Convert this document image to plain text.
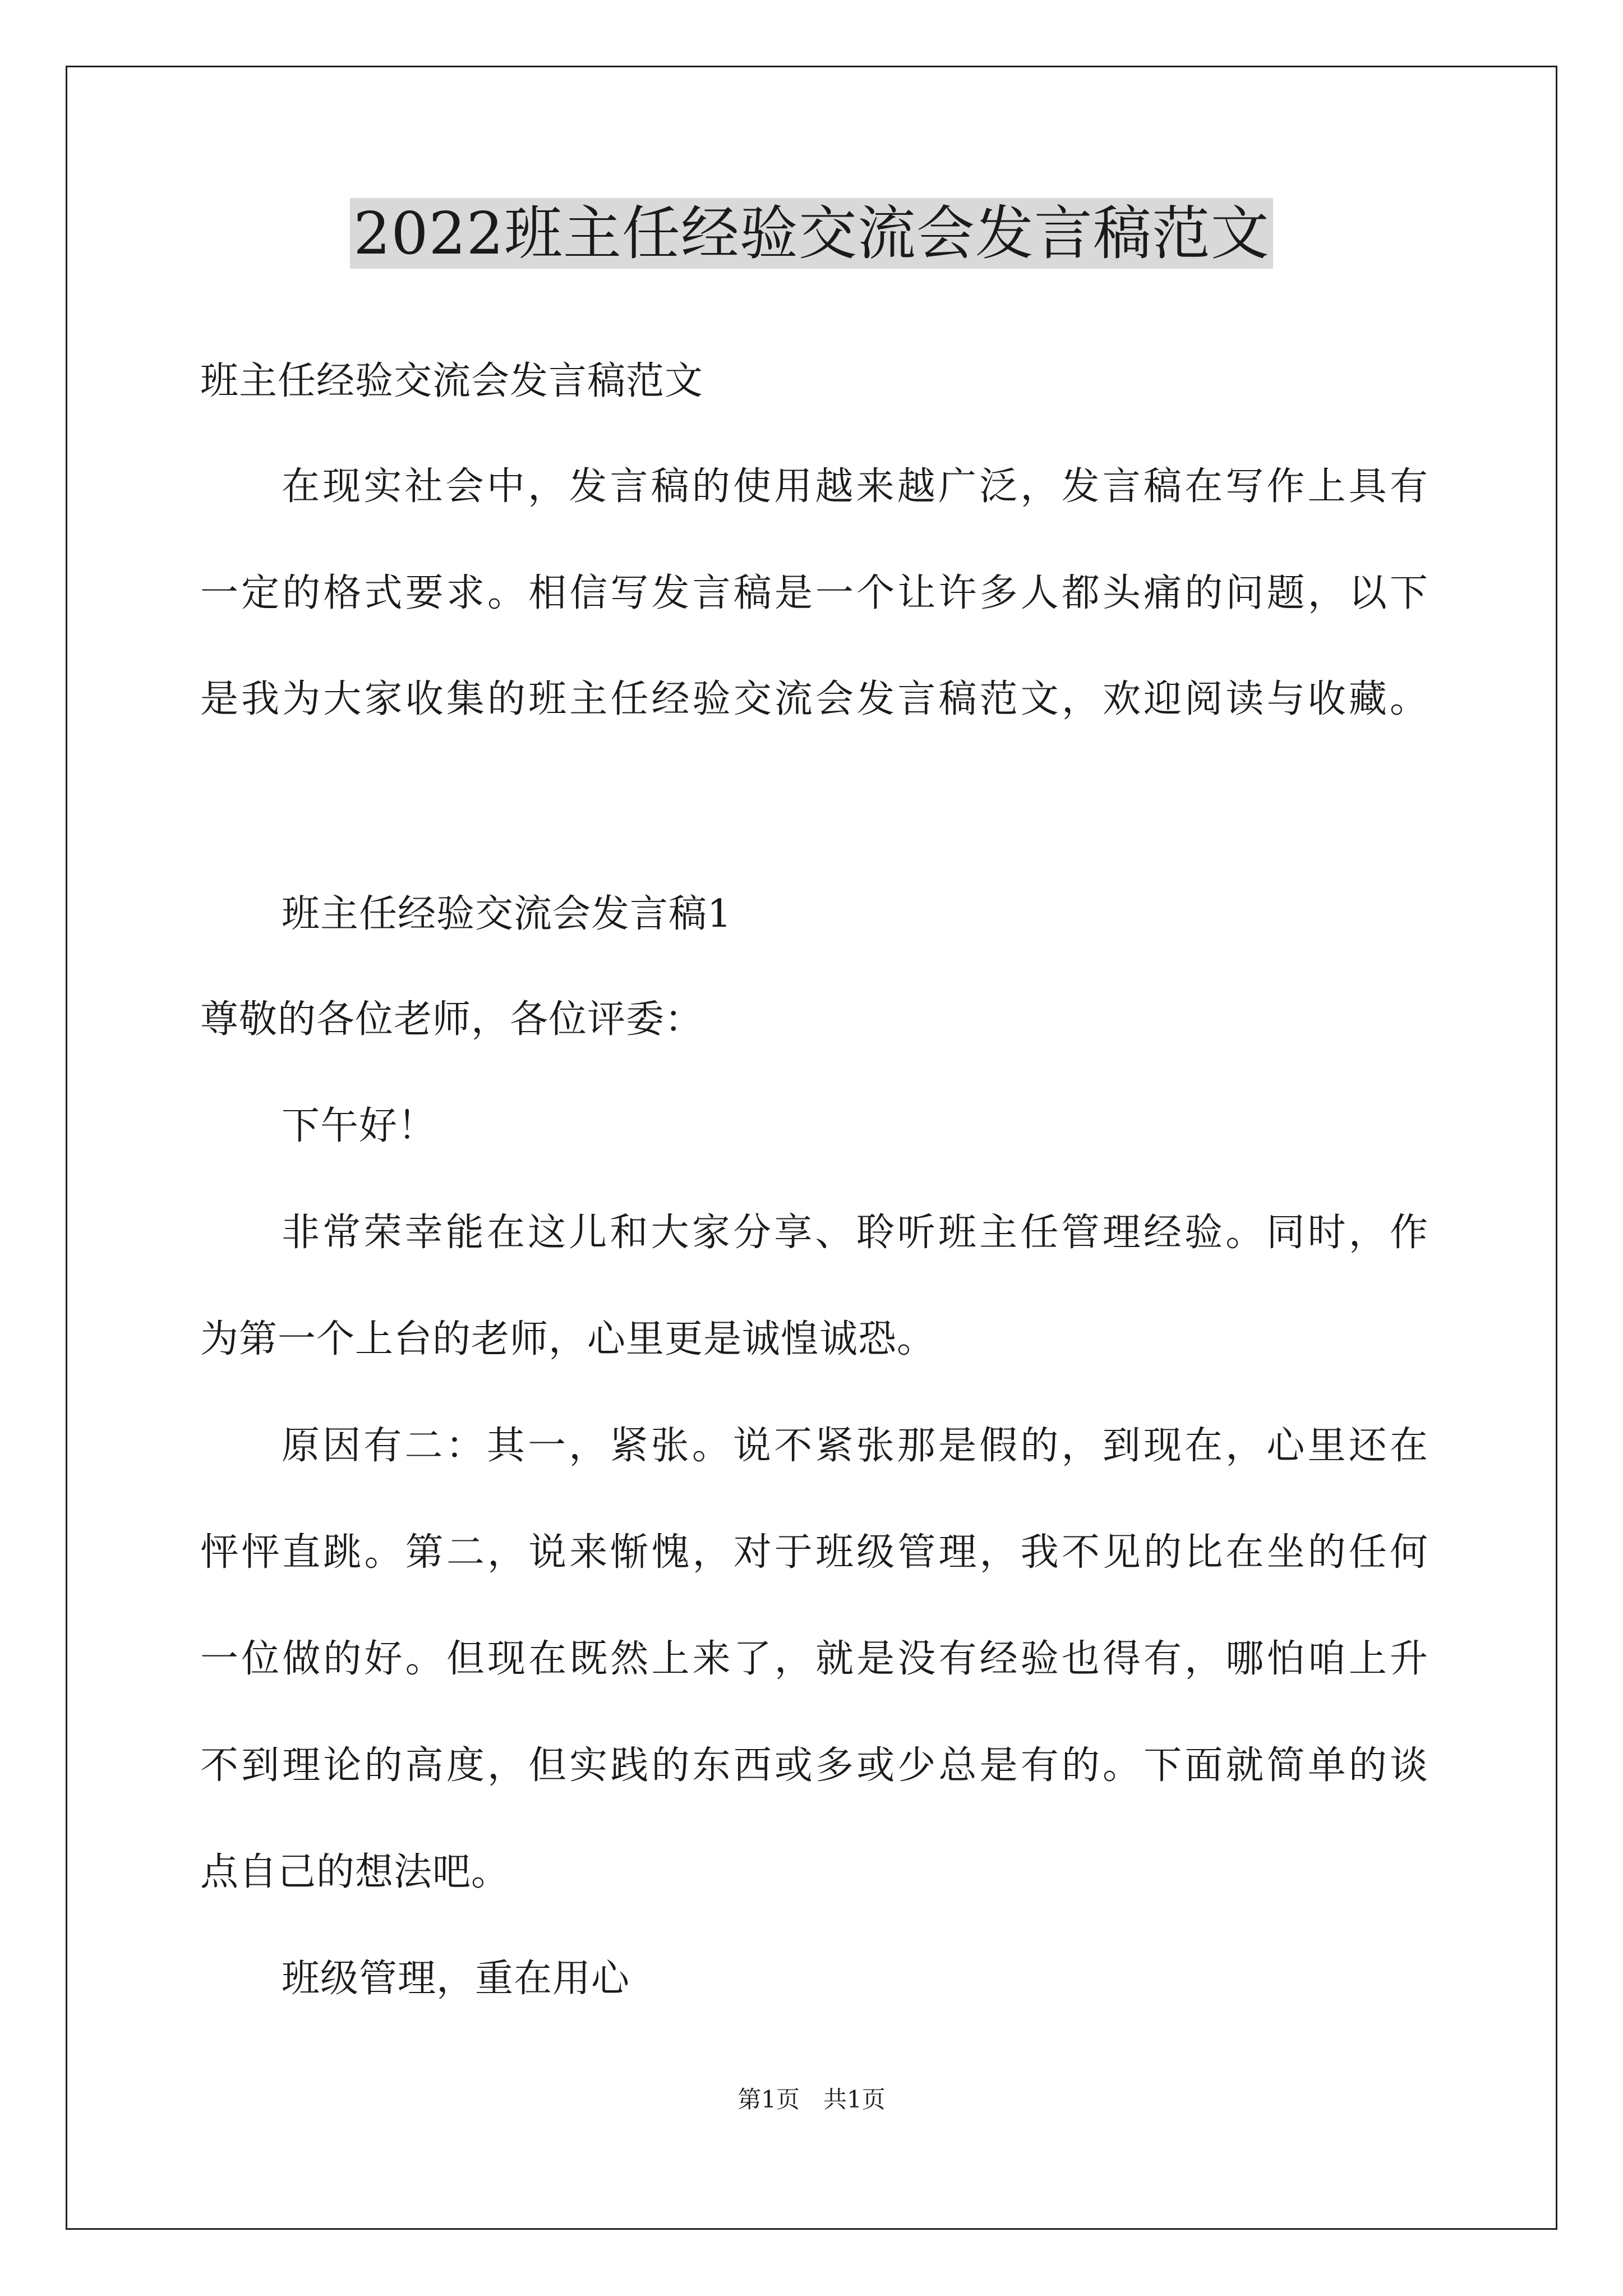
2022班主任经验交流会发言稿范文
班主任经验交流会发言稿范文
在现实社会中，发言稿的使用越来越广泛，发言稿在写作上具有
一定的格式要求。相信写发言稿是一个让许多人都头痛的问题，以下
是我为大家收集的班主任经验交流会发言稿范文，欢迎阅读与收藏。
班主任经验交流会发言稿1
尊敬的各位老师，各位评委：
下午好！
非常荣幸能在这儿和大家分享、聆听班主任管理经验。同时，作
为第一个上台的老师，心里更是诚惶诚恐。
原因有二：其一，紧张。说不紧张那是假的，到现在，心里还在
怦怦直跳。第二，说来惭愧，对于班级管理，我不见的比在坐的任何
一位做的好。但现在既然上来了，就是没有经验也得有，哪怕咱上升
不到理论的高度，但实践的东西或多或少总是有的。下面就简单的谈
点自己的想法吧。
班级管理，重在用心
第1页　共1页
